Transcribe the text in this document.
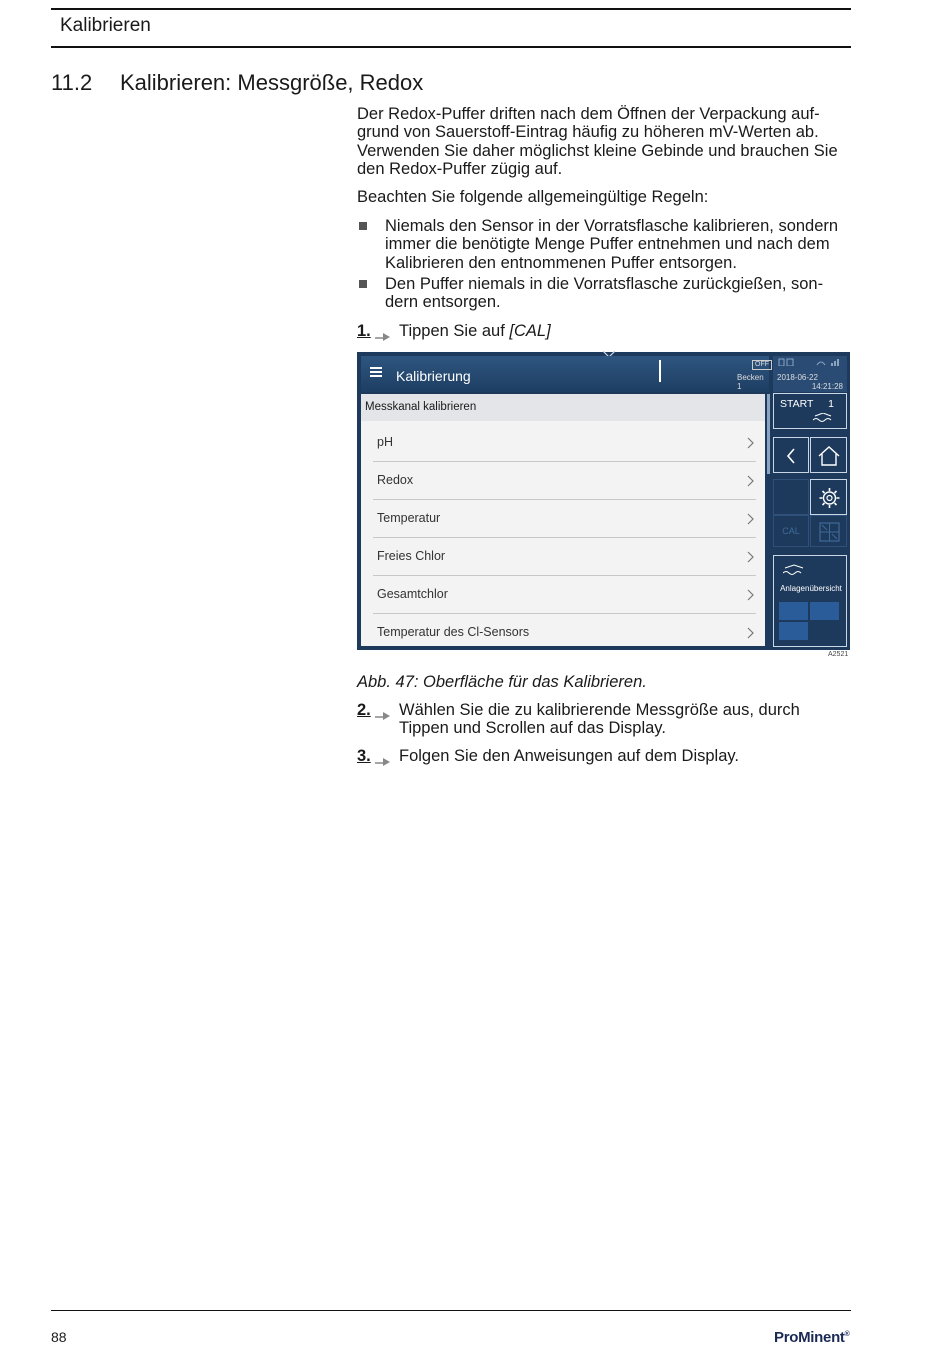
Kalibrieren
11.2 Kalibrieren: Messgröße, Redox
Der Redox-Puffer driften nach dem Öffnen der Verpackung auf-grund von Sauerstoff-Eintrag häufig zu höheren mV-Werten ab. Verwenden Sie daher möglichst kleine Gebinde und brauchen Sie den Redox-Puffer zügig auf.
Beachten Sie folgende allgemeingültige Regeln:
Niemals den Sensor in der Vorratsflasche kalibrieren, sondern immer die benötigte Menge Puffer entnehmen und nach dem Kalibrieren den entnommenen Puffer entsorgen.
Den Puffer niemals in die Vorratsflasche zurückgießen, son-dern entsorgen.
1. Tippen Sie auf [CAL]
Kalibrierung
OFF
Becken 1
2018-06-22
14:21:28
Messkanal kalibrieren
pH
Redox
Temperatur
Freies Chlor
Gesamtchlor
Temperatur des Cl-Sensors
START 1
CAL
Anlagenübersicht
A2521
Abb. 47: Oberfläche für das Kalibrieren.
2. Wählen Sie die zu kalibrierende Messgröße aus, durch Tippen und Scrollen auf das Display.
3. Folgen Sie den Anweisungen auf dem Display.
88	ProMinent®
